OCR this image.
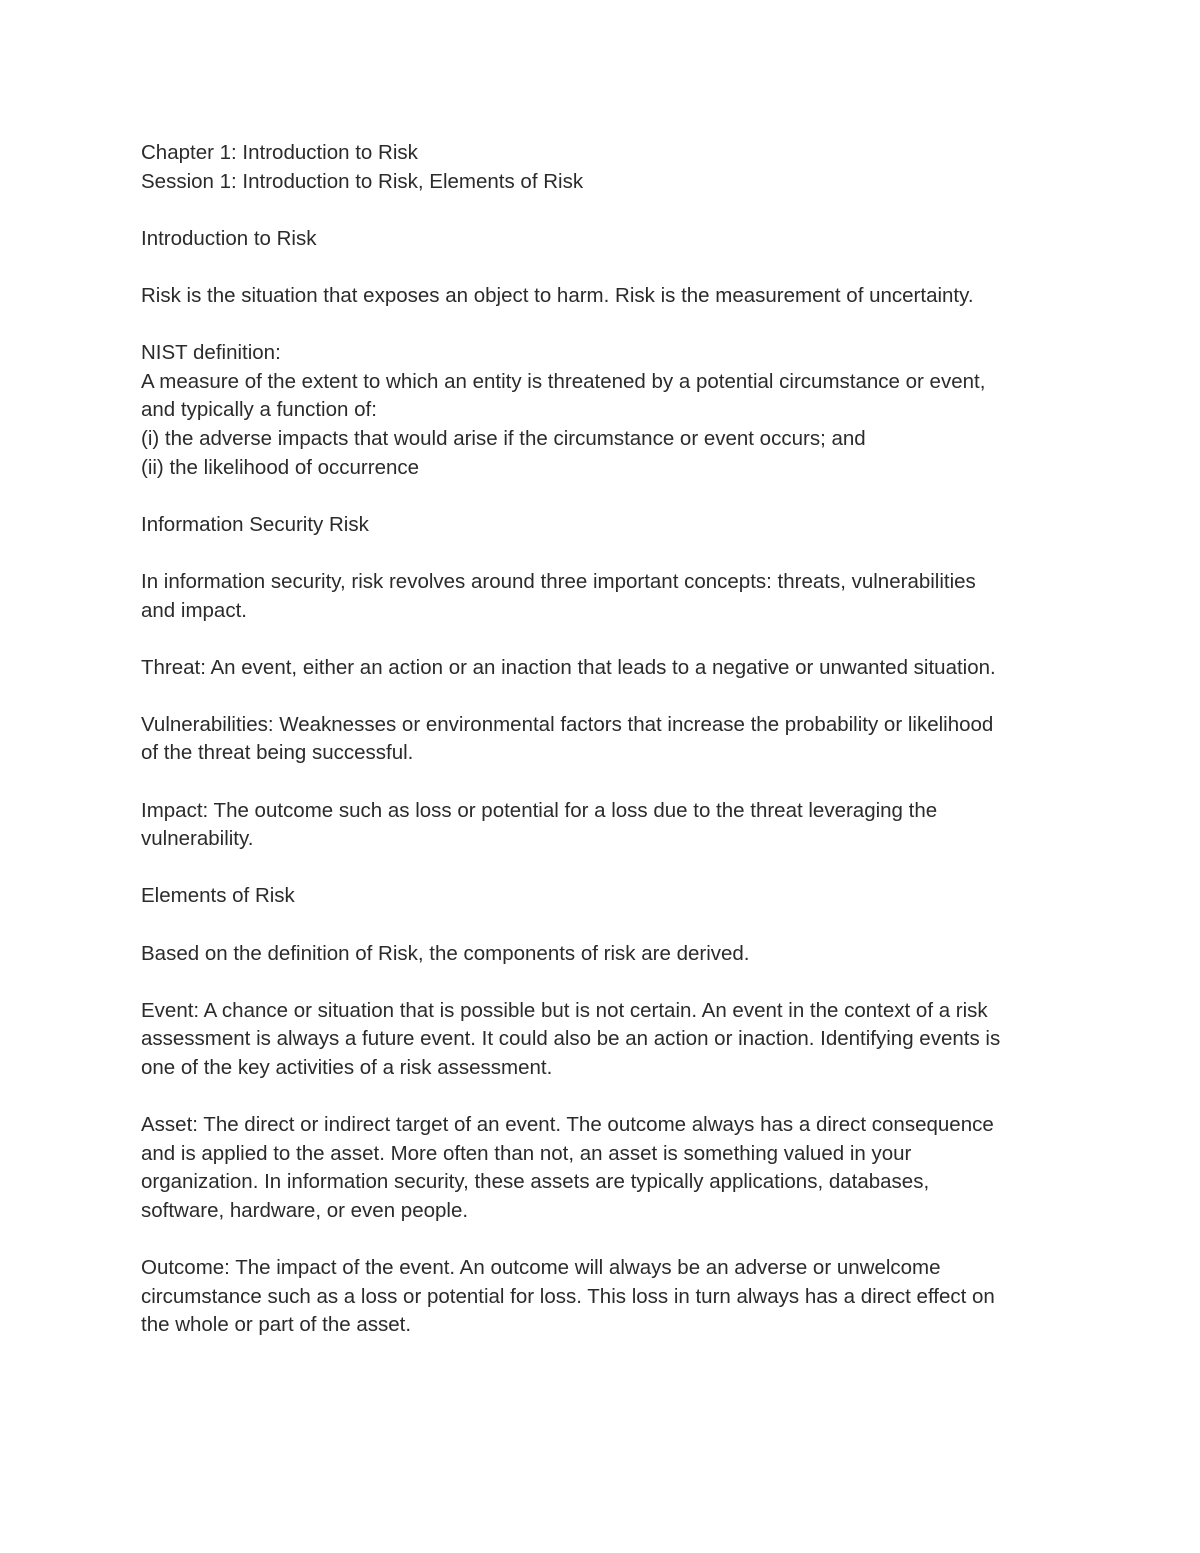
Chapter 1: Introduction to Risk

Session 1: Introduction to Risk, Elements of Risk

Introduction to Risk

Risk is the situation that exposes an object to harm. Risk is the measurement of uncertainty.

NIST definition:

A measure of the extent to which an entity is threatened by a potential circumstance or event,

and typically a function of:

(i) the adverse impacts that would arise if the circumstance or event occurs; and

(ii) the likelihood of occurrence

Information Security Risk

In information security, risk revolves around three important concepts: threats, vulnerabilities

and impact.

Threat: An event, either an action or an inaction that leads to a negative or unwanted situation.

Vulnerabilities: Weaknesses or environmental factors that increase the probability or likelihood

of the threat being successful.

Impact: The outcome such as loss or potential for a loss due to the threat leveraging the

vulnerability.

Elements of Risk

Based on the definition of Risk, the components of risk are derived.

Event: A chance or situation that is possible but is not certain. An event in the context of a risk

assessment is always a future event. It could also be an action or inaction. Identifying events is

one of the key activities of a risk assessment.

Asset: The direct or indirect target of an event. The outcome always has a direct consequence

and is applied to the asset. More often than not, an asset is something valued in your

organization. In information security, these assets are typically applications, databases,

software, hardware, or even people.

Outcome: The impact of the event. An outcome will always be an adverse or unwelcome

circumstance such as a loss or potential for loss. This loss in turn always has a direct effect on

the whole or part of the asset.
